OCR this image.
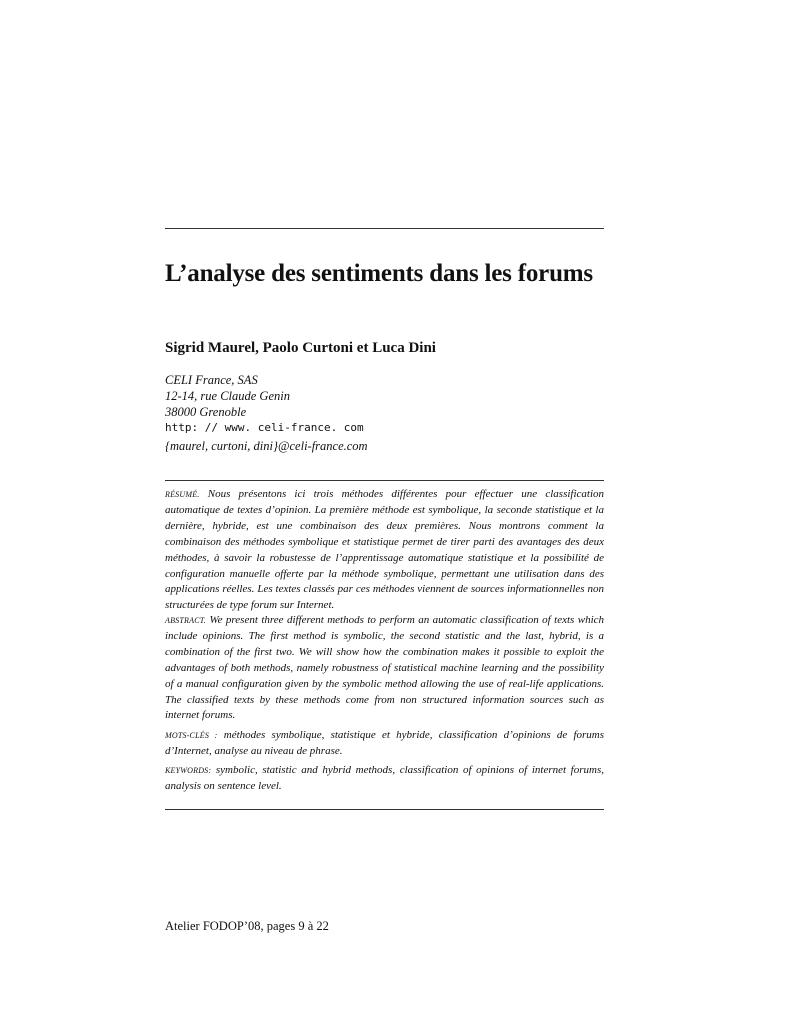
L’analyse des sentiments dans les forums
Sigrid Maurel, Paolo Curtoni et Luca Dini
CELI France, SAS
12-14, rue Claude Genin
38000 Grenoble
http: // www. celi-france. com
{maurel, curtoni, dini}@celi-france.com
RÉSUMÉ. Nous présentons ici trois méthodes différentes pour effectuer une classification automatique de textes d’opinion. La première méthode est symbolique, la seconde statistique et la dernière, hybride, est une combinaison des deux premières. Nous montrons comment la combinaison des méthodes symbolique et statistique permet de tirer parti des avantages des deux méthodes, à savoir la robustesse de l’apprentissage automatique statistique et la possibilité de configuration manuelle offerte par la méthode symbolique, permettant une utilisation dans des applications réelles. Les textes classés par ces méthodes viennent de sources informationnelles non structurées de type forum sur Internet.
ABSTRACT. We present three different methods to perform an automatic classification of texts which include opinions. The first method is symbolic, the second statistic and the last, hybrid, is a combination of the first two. We will show how the combination makes it possible to exploit the advantages of both methods, namely robustness of statistical machine learning and the possibility of a manual configuration given by the symbolic method allowing the use of real-life applications. The classified texts by these methods come from non structured information sources such as internet forums.
MOTS-CLÉS : méthodes symbolique, statistique et hybride, classification d’opinions de forums d’Internet, analyse au niveau de phrase.
KEYWORDS: symbolic, statistic and hybrid methods, classification of opinions of internet forums, analysis on sentence level.
Atelier FODOP’08, pages 9 à 22
